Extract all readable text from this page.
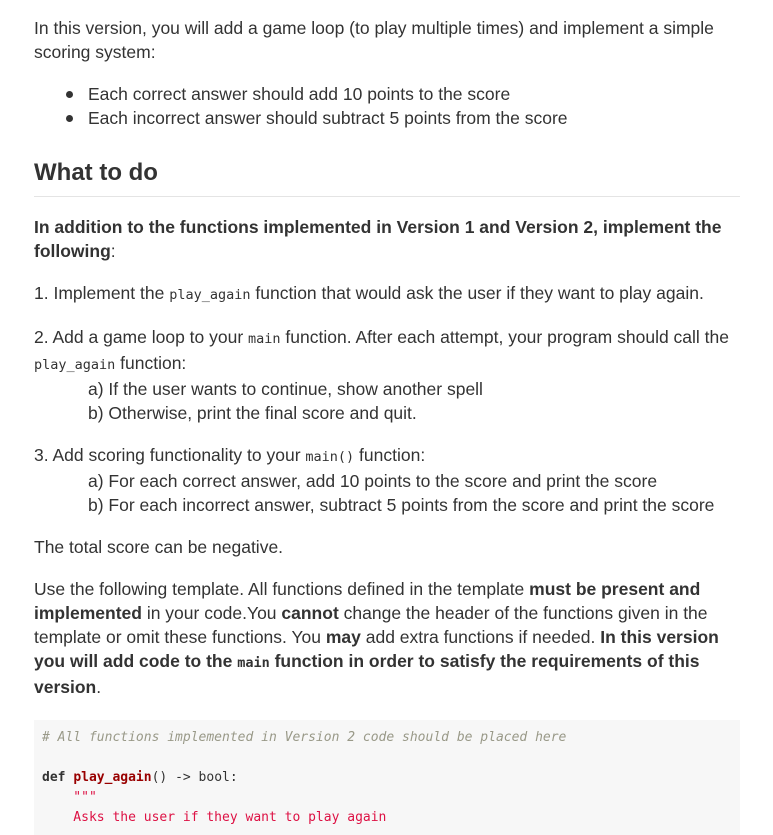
In this version, you will add a game loop (to play multiple times) and implement a simple scoring system:

Each correct answer should add 10 points to the score
Each incorrect answer should subtract 5 points from the score
What to do

In addition to the functions implemented in Version 1 and Version 2, implement the following:

1. Implement the play_again function that would ask the user if they want to play again.

2. Add a game loop to your main function. After each attempt, your program should call the play_again function:

a) If the user wants to continue, show another spell

b) Otherwise, print the final score and quit.

3. Add scoring functionality to your main() function:

a) For each correct answer, add 10 points to the score and print the score

b) For each incorrect answer, subtract 5 points from the score and print the score

The total score can be negative.

Use the following template. All functions defined in the template must be present and implemented in your code.You cannot change the header of the functions given in the template or omit these functions. You may add extra functions if needed. In this version you will add code to the main function in order to satisfy the requirements of this version.

# All functions implemented in Version 2 code should be placed here

def play_again() -> bool:
"""
Asks the user if they want to play again
